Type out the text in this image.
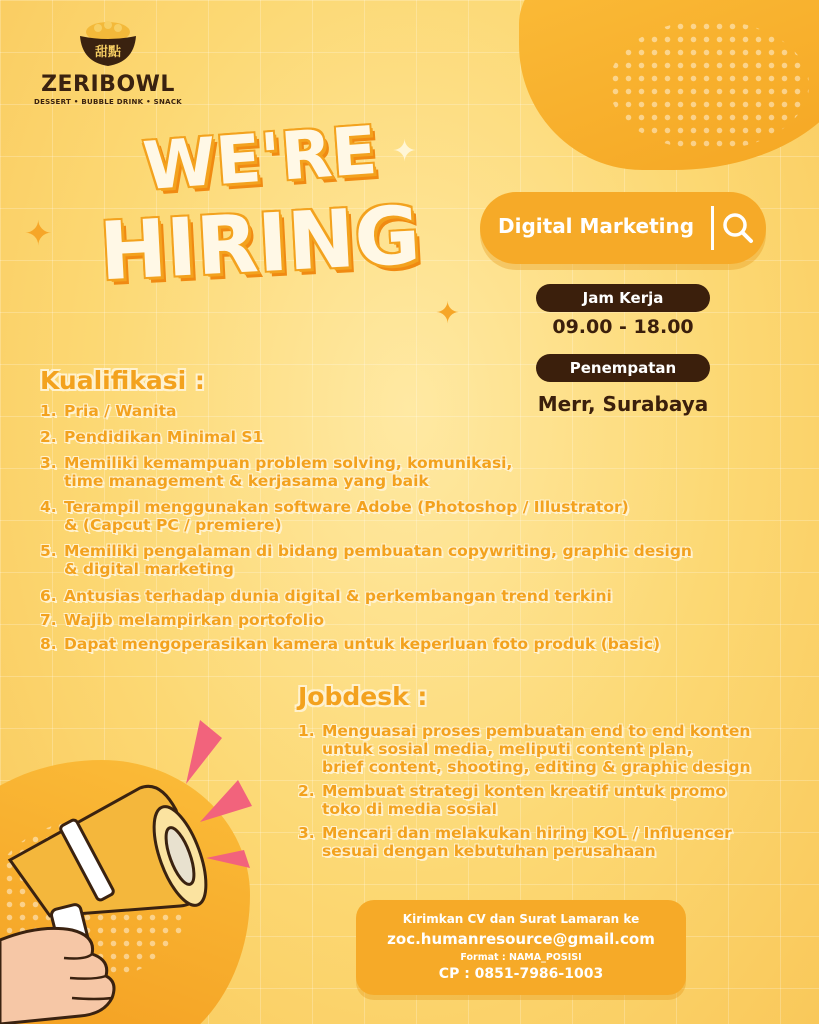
甜點
ZERIBOWL
DESSERT • BUBBLE DRINK • SNACK
WE'RE
HIRING
✦
✦
✦
Digital Marketing
Jam Kerja
09.00 - 18.00
Penempatan
Merr, Surabaya
Kualifikasi :
1. Pria / Wanita
2. Pendidikan Minimal S1
3. Memiliki kemampuan problem solving, komunikasi,
time management & kerjasama yang baik
4. Terampil menggunakan software Adobe (Photoshop / Illustrator)
& (Capcut PC / premiere)
5. Memiliki pengalaman di bidang pembuatan copywriting, graphic design
& digital marketing
6. Antusias terhadap dunia digital & perkembangan trend terkini
7. Wajib melampirkan portofolio
8. Dapat mengoperasikan kamera untuk keperluan foto produk (basic)
Jobdesk :
1. Menguasai proses pembuatan end to end konten
untuk sosial media, meliputi content plan,
brief content, shooting, editing & graphic design
2. Membuat strategi konten kreatif untuk promo
toko di media sosial
3. Mencari dan melakukan hiring KOL / Influencer
sesuai dengan kebutuhan perusahaan
Kirimkan CV dan Surat Lamaran ke
zoc.humanresource@gmail.com
Format : NAMA_POSISI
CP : 0851-7986-1003
